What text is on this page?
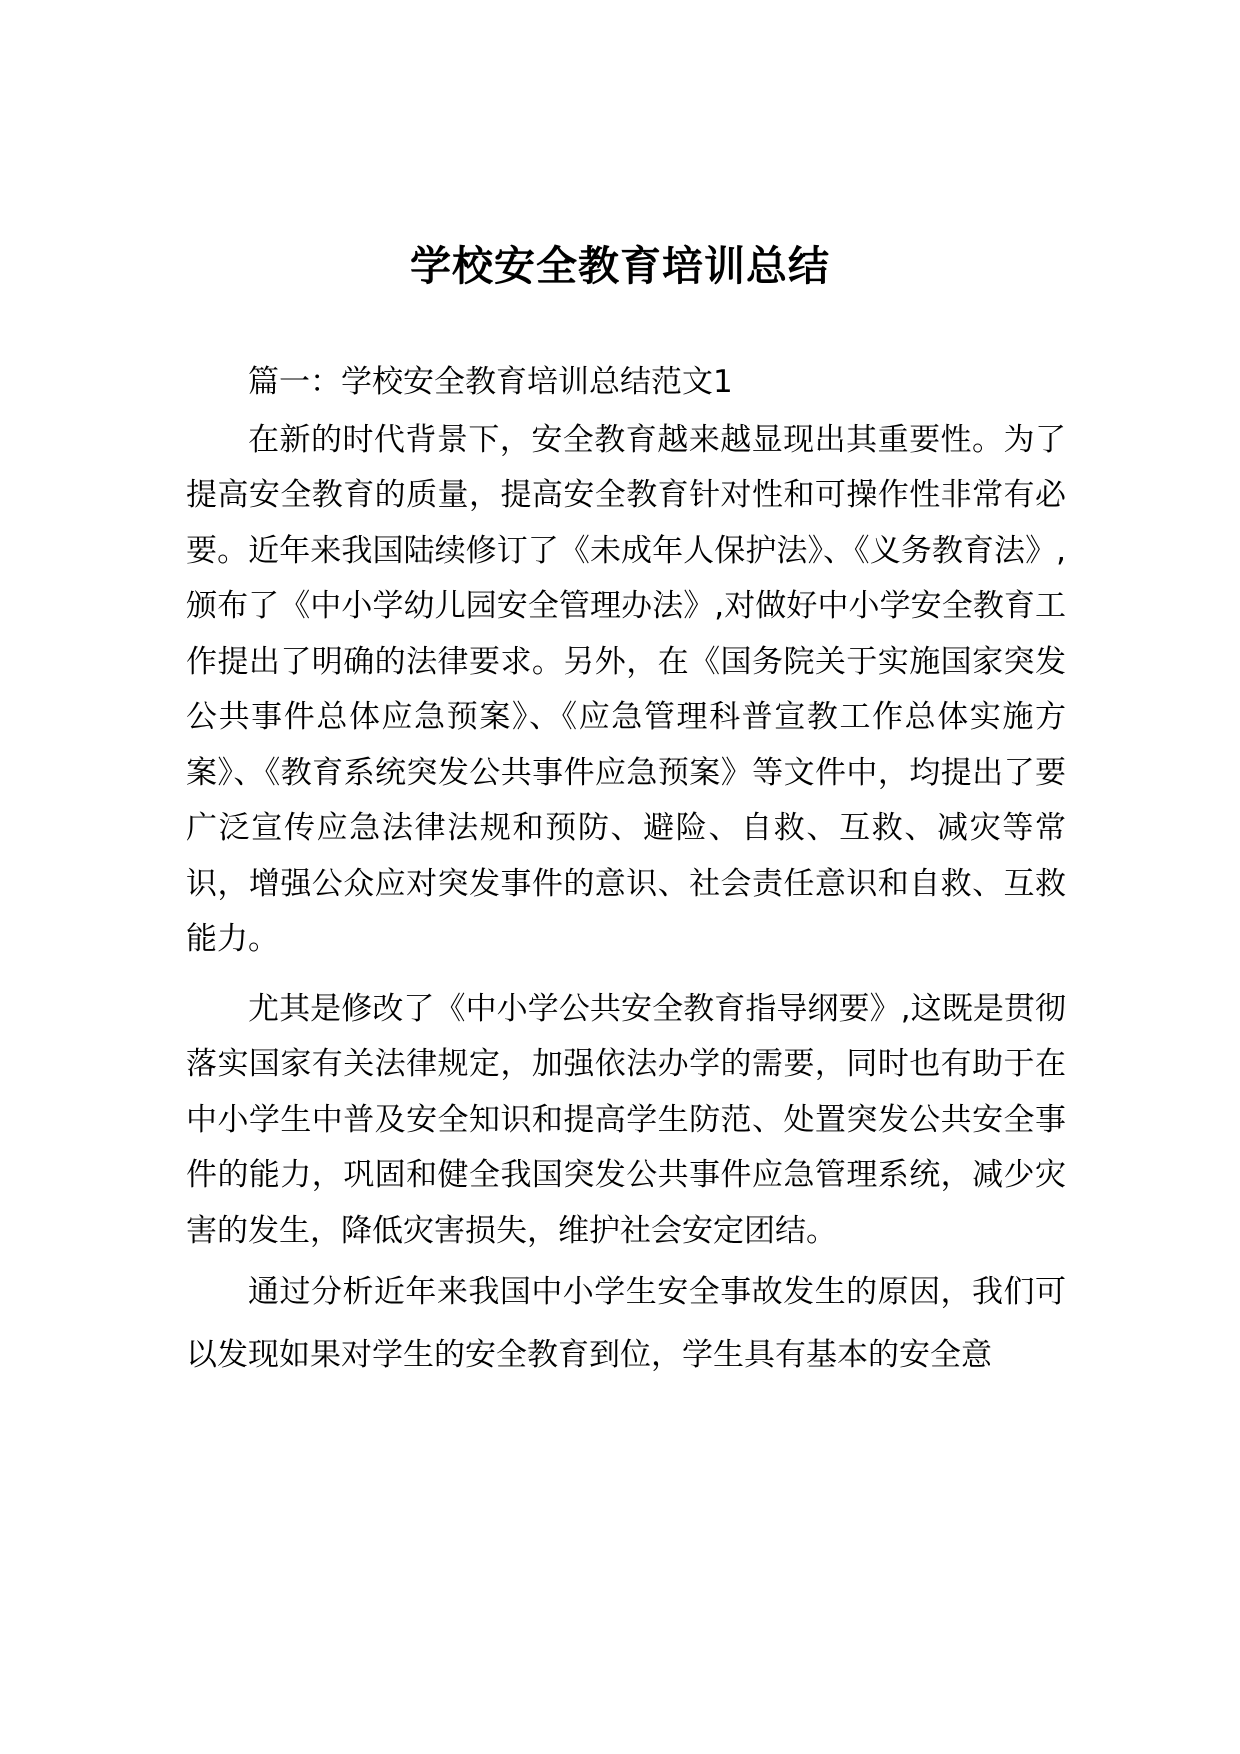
学校安全教育培训总结

篇一：学校安全教育培训总结范文1

在新的时代背景下，安全教育越来越显现出其重要性。为了提高安全教育的质量，提高安全教育针对性和可操作性非常有必要。近年来我国陆续修订了《未成年人保护法》、《义务教育法》,颁布了《中小学幼儿园安全管理办法》,对做好中小学安全教育工作提出了明确的法律要求。另外，在《国务院关于实施国家突发公共事件总体应急预案》、《应急管理科普宣教工作总体实施方案》、《教育系统突发公共事件应急预案》等文件中，均提出了要广泛宣传应急法律法规和预防、避险、自救、互救、减灾等常识，增强公众应对突发事件的意识、社会责任意识和自救、互救能力。

尤其是修改了《中小学公共安全教育指导纲要》,这既是贯彻落实国家有关法律规定，加强依法办学的需要，同时也有助于在中小学生中普及安全知识和提高学生防范、处置突发公共安全事件的能力，巩固和健全我国突发公共事件应急管理系统，减少灾害的发生，降低灾害损失，维护社会安定团结。

通过分析近年来我国中小学生安全事故发生的原因，我们可以发现如果对学生的安全教育到位，学生具有基本的安全意
